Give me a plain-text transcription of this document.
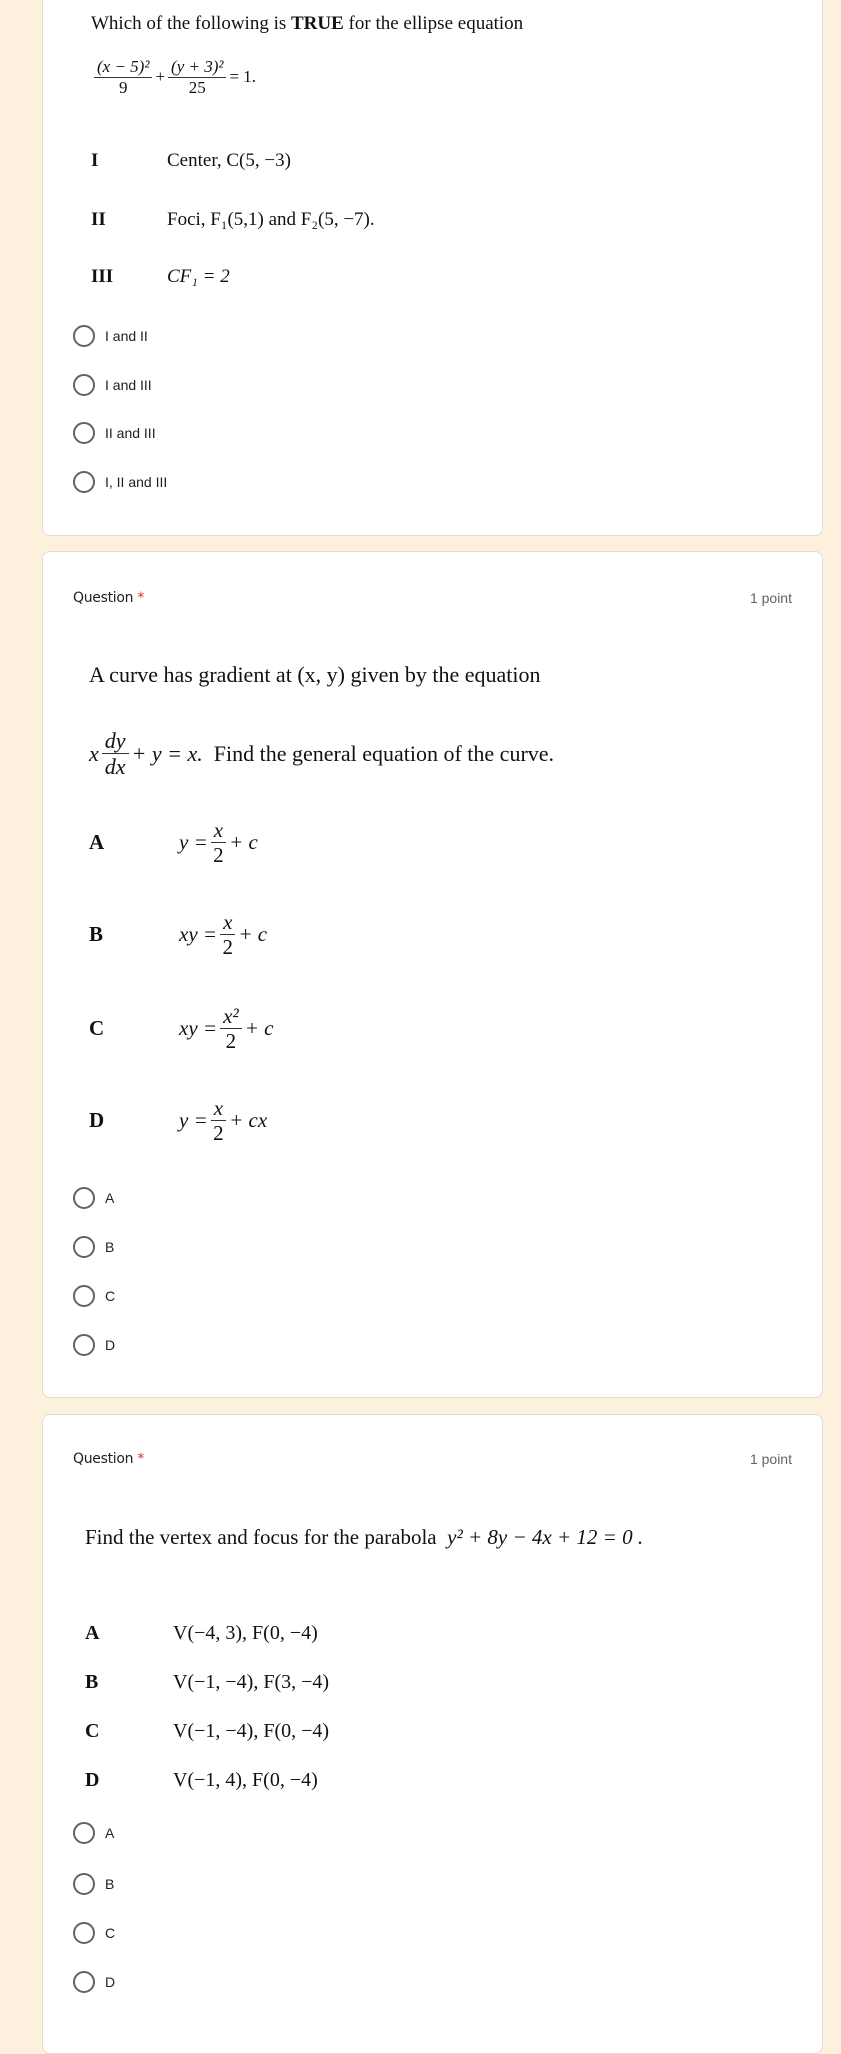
Which of the following is TRUE for the ellipse equation
$\frac{\text{(x − 5)²}}{9} + \frac{\text{(y + 3)²}}{25} = 1$.
I	Center, C(5, −3)
II	Foci, F₁(5,1) and F₂(5, −7).
III	CF₁ = 2
I and II
I and III
II and III
I, II and III
Question *	1 point
A curve has gradient at (x, y) given by the equation
x $\frac{dy}{dx} + y = x$.
Find the general equation of the curve.
A	$y = \frac{x}{2} + c$
B	xy = $\frac{x}{2} + c$
C	xy = $\frac{\text{x²}}{2} + c$
D	$y = \frac{x}{2}$ + cx
A
B
C
D
Question *	1 point
Find the vertex and focus for the parabola y² + 8y − 4x + 12 = 0 .
A	V(−4, 3), F(0, −4)
B	V(−1, −4), F(3, −4)
C	V(−1, −4), F(0, −4)
D	V(−1, 4), F(0, −4)
A
B
C
D
